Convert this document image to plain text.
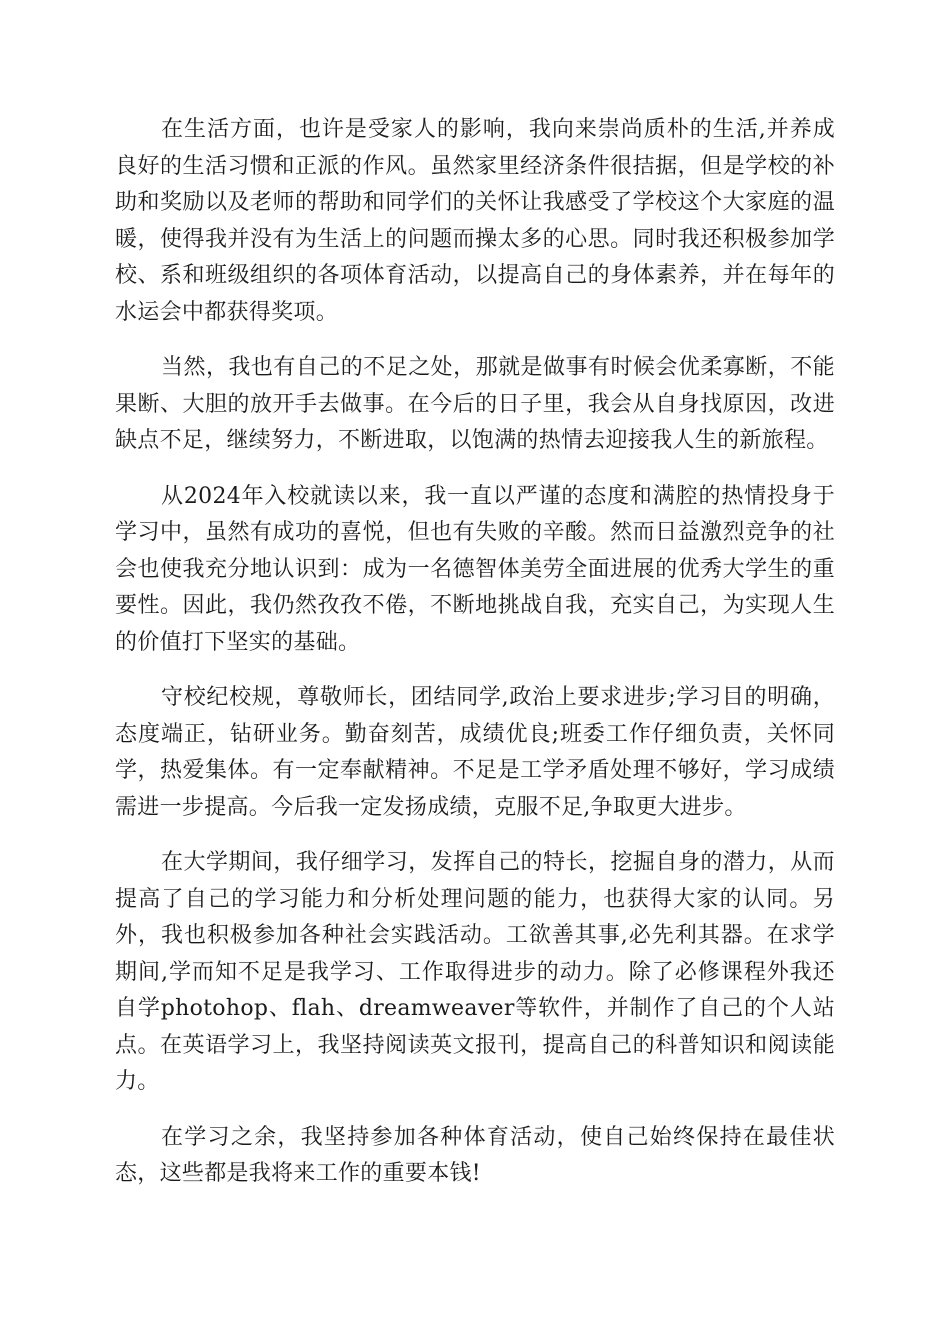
在生活方面，也许是受家人的影响，我向来崇尚质朴的生活,并养成良好的生活习惯和正派的作风。虽然家里经济条件很拮据，但是学校的补助和奖励以及老师的帮助和同学们的关怀让我感受了学校这个大家庭的温暖，使得我并没有为生活上的问题而操太多的心思。同时我还积极参加学校、系和班级组织的各项体育活动，以提高自己的身体素养，并在每年的水运会中都获得奖项。

当然，我也有自己的不足之处，那就是做事有时候会优柔寡断，不能果断、大胆的放开手去做事。在今后的日子里，我会从自身找原因，改进缺点不足，继续努力，不断进取，以饱满的热情去迎接我人生的新旅程。

从2024年入校就读以来，我一直以严谨的态度和满腔的热情投身于学习中，虽然有成功的喜悦，但也有失败的辛酸。然而日益激烈竞争的社会也使我充分地认识到：成为一名德智体美劳全面进展的优秀大学生的重要性。因此，我仍然孜孜不倦，不断地挑战自我，充实自己，为实现人生的价值打下坚实的基础。

守校纪校规，尊敬师长，团结同学,政治上要求进步;学习目的明确，态度端正，钻研业务。勤奋刻苦，成绩优良;班委工作仔细负责，关怀同学，热爱集体。有一定奉献精神。不足是工学矛盾处理不够好，学习成绩需进一步提高。今后我一定发扬成绩，克服不足,争取更大进步。

在大学期间，我仔细学习，发挥自己的特长，挖掘自身的潜力，从而提高了自己的学习能力和分析处理问题的能力，也获得大家的认同。另外，我也积极参加各种社会实践活动。工欲善其事,必先利其器。在求学期间,学而知不足是我学习、工作取得进步的动力。除了必修课程外我还自学photohop、flah、dreamweaver等软件，并制作了自己的个人站点。在英语学习上，我坚持阅读英文报刊，提高自己的科普知识和阅读能力。

在学习之余，我坚持参加各种体育活动，使自己始终保持在最佳状态，这些都是我将来工作的重要本钱!
